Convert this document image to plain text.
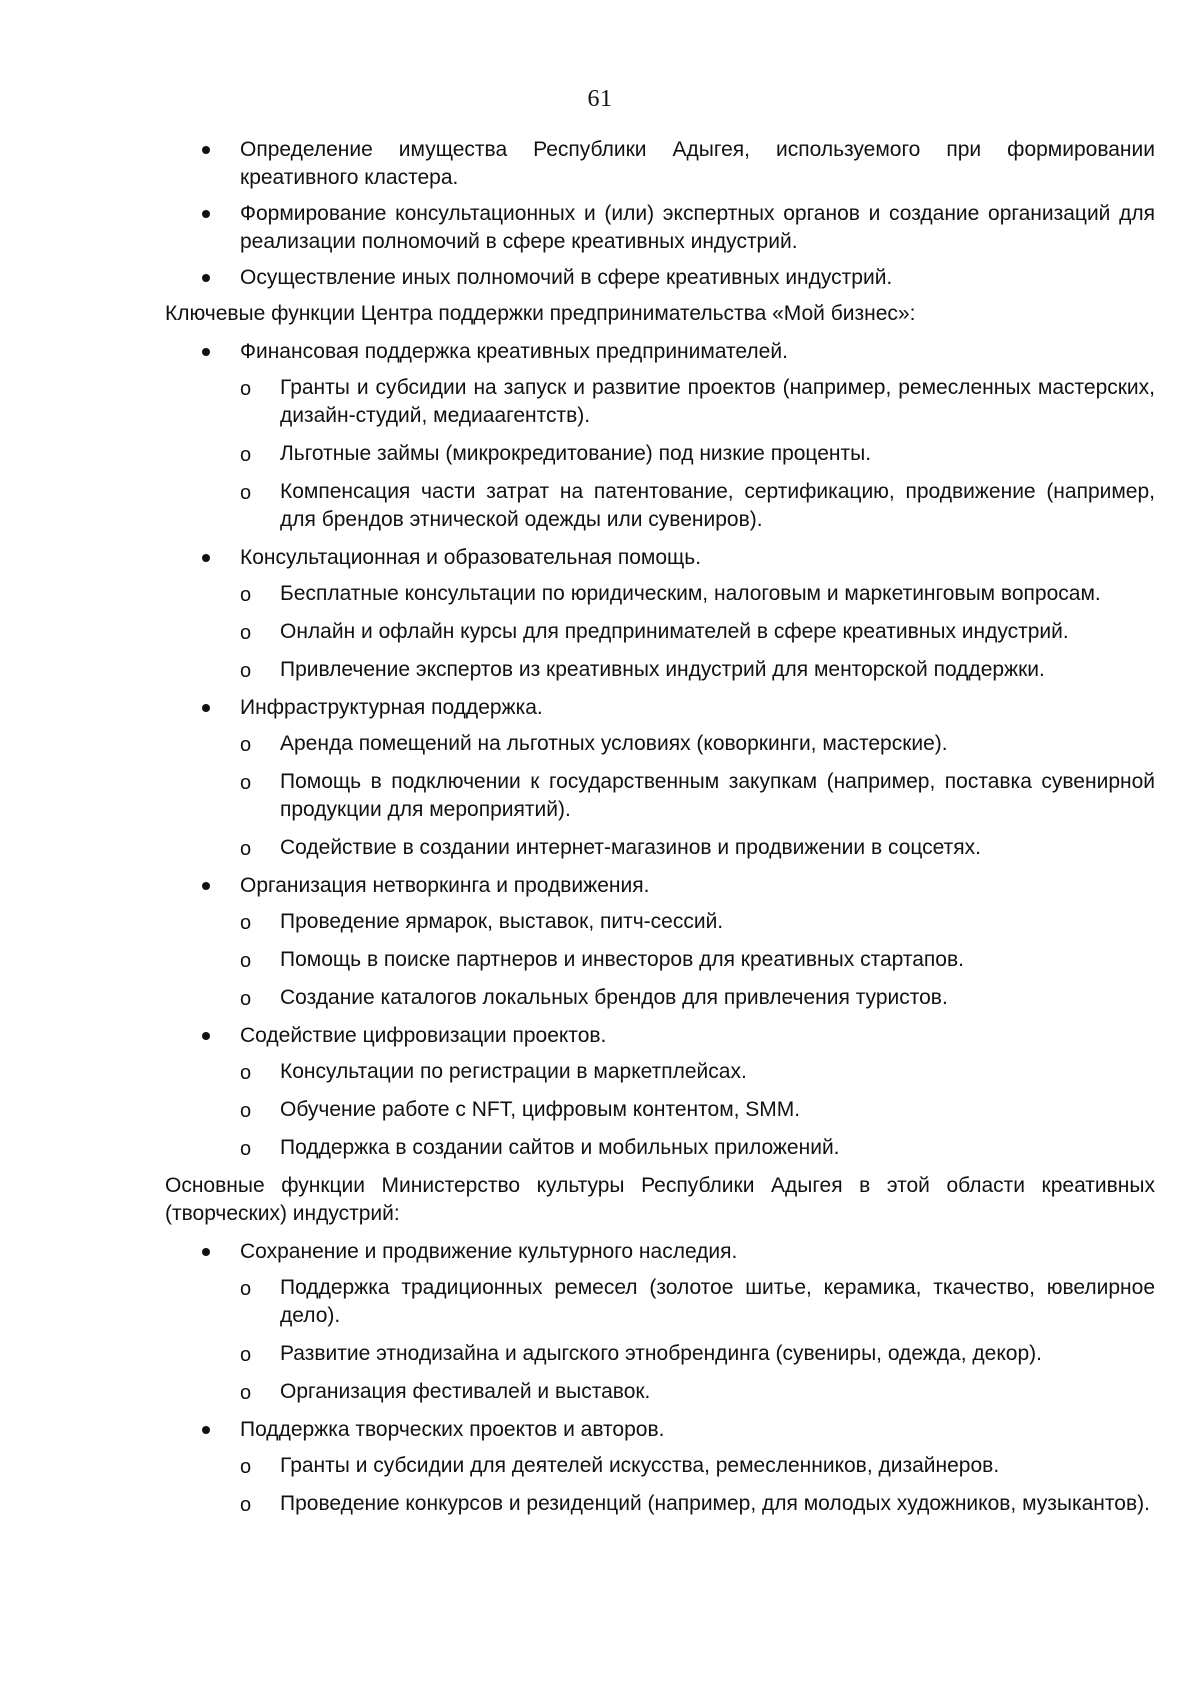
61
Определение имущества Республики Адыгея, используемого при формировании креативного кластера.
Формирование консультационных и (или) экспертных органов и создание организаций для реализации полномочий в сфере креативных индустрий.
Осуществление иных полномочий в сфере креативных индустрий.

Ключевые функции Центра поддержки предпринимательства «Мой бизнес»:

Финансовая поддержка креативных предпринимателей.
o Гранты и субсидии на запуск и развитие проектов (например, ремесленных мастерских, дизайн-студий, медиаагентств).
o Льготные займы (микрокредитование) под низкие проценты.
o Компенсация части затрат на патентование, сертификацию, продвижение (например, для брендов этнической одежды или сувениров).
Консультационная и образовательная помощь.
o Бесплатные консультации по юридическим, налоговым и маркетинговым вопросам.
o Онлайн и офлайн курсы для предпринимателей в сфере креативных индустрий.
o Привлечение экспертов из креативных индустрий для менторской поддержки.
Инфраструктурная поддержка.
o Аренда помещений на льготных условиях (коворкинги, мастерские).
o Помощь в подключении к государственным закупкам (например, поставка сувенирной продукции для мероприятий).
o Содействие в создании интернет-магазинов и продвижении в соцсетях.
Организация нетворкинга и продвижения.
o Проведение ярмарок, выставок, питч-сессий.
o Помощь в поиске партнеров и инвесторов для креативных стартапов.
o Создание каталогов локальных брендов для привлечения туристов.
Содействие цифровизации проектов.
o Консультации по регистрации в маркетплейсах.
o Обучение работе с NFT, цифровым контентом, SMM.
o Поддержка в создании сайтов и мобильных приложений.

Основные функции Министерство культуры Республики Адыгея в этой области креативных (творческих) индустрий:

Сохранение и продвижение культурного наследия.
o Поддержка традиционных ремесел (золотое шитье, керамика, ткачество, ювелирное дело).
o Развитие этнодизайна и адыгского этнобрендинга (сувениры, одежда, декор).
o Организация фестивалей и выставок.
Поддержка творческих проектов и авторов.
o Гранты и субсидии для деятелей искусства, ремесленников, дизайнеров.
o Проведение конкурсов и резиденций (например, для молодых художников, музыкантов).
